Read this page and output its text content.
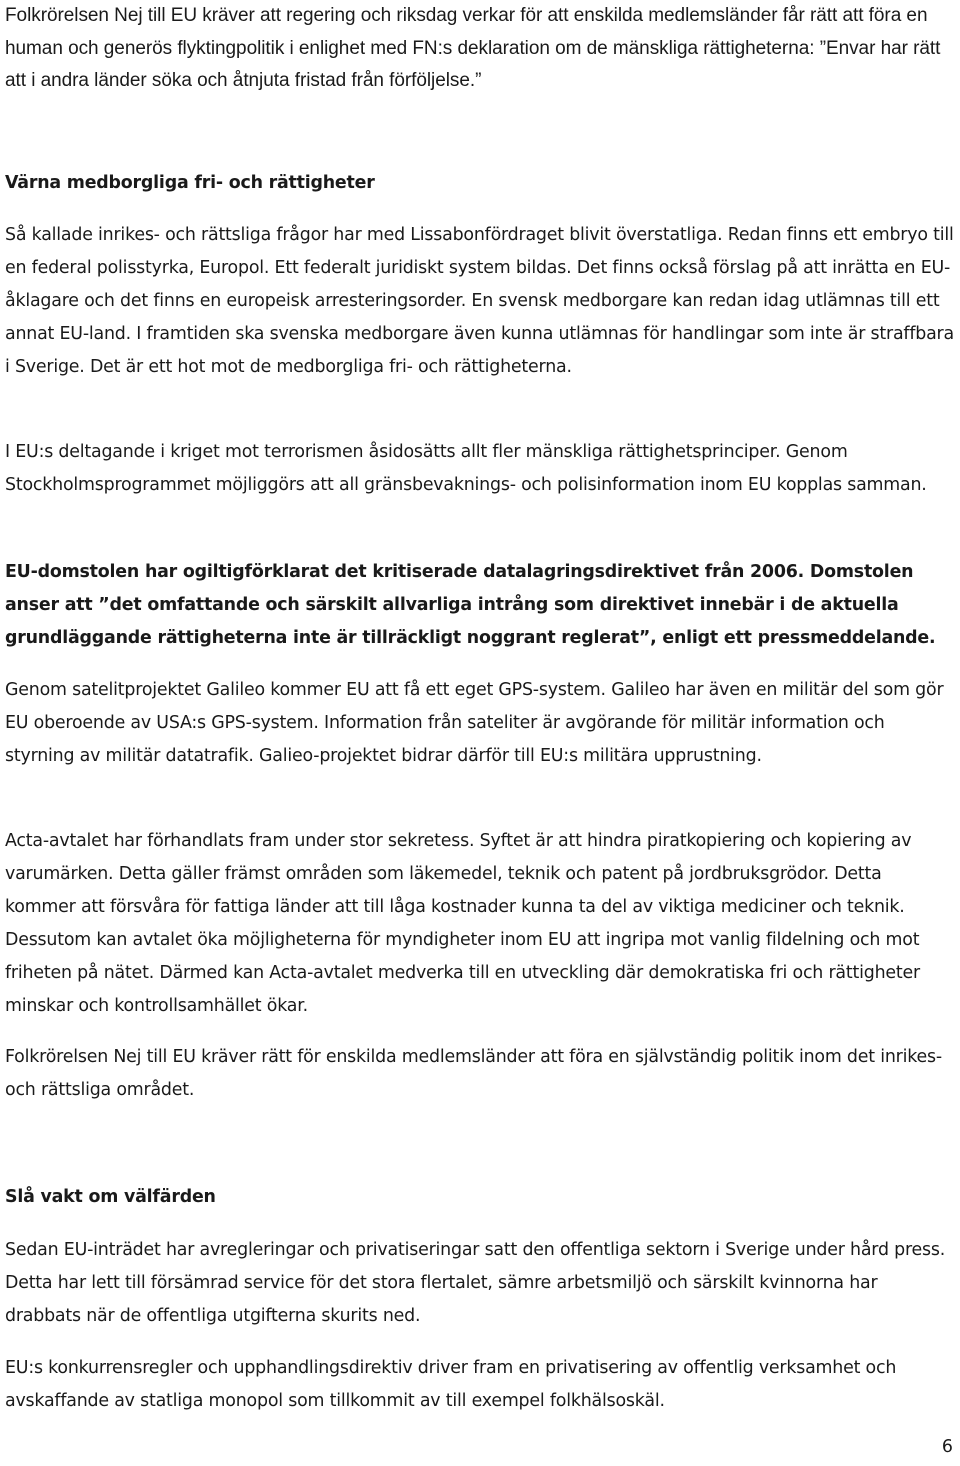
Folkrörelsen Nej till EU kräver att regering och riksdag verkar för att enskilda medlemsländer får rätt att föra en human och generös flyktingpolitik i enlighet med FN:s deklaration om de mänskliga rättigheterna: ”Envar har rätt att i andra länder söka och åtnjuta fristad från förföljelse.”

Värna medborgliga fri- och rättigheter

Så kallade inrikes- och rättsliga frågor har med Lissabonfördraget blivit överstatliga. Redan finns ett embryo till en federal polisstyrka, Europol. Ett federalt juridiskt system bildas. Det finns också förslag på att inrätta en EU-åklagare och det finns en europeisk arresteringsorder. En svensk medborgare kan redan idag utlämnas till ett annat EU-land. I framtiden ska svenska medborgare även kunna utlämnas för handlingar som inte är straffbara i Sverige. Det är ett hot mot de medborgliga fri- och rättigheterna.

I EU:s deltagande i kriget mot terrorismen åsidosätts allt fler mänskliga rättighetsprinciper. Genom Stockholmsprogrammet möjliggörs att all gränsbevaknings- och polisinformation inom EU kopplas samman.

EU-domstolen har ogiltigförklarat det kritiserade datalagringsdirektivet från 2006. Domstolen anser att ”det omfattande och särskilt allvarliga intrång som direktivet innebär i de aktuella grundläggande rättigheterna inte är tillräckligt noggrant reglerat”, enligt ett pressmeddelande.

Genom satelitprojektet Galileo kommer EU att få ett eget GPS-system. Galileo har även en militär del som gör EU oberoende av USA:s GPS-system. Information från sateliter är avgörande för militär information och styrning av militär datatrafik. Galieo-projektet bidrar därför till EU:s militära upprustning.

Acta-avtalet har förhandlats fram under stor sekretess. Syftet är att hindra piratkopiering och kopiering av varumärken. Detta gäller främst områden som läkemedel, teknik och patent på jordbruksgrödor. Detta kommer att försvåra för fattiga länder att till låga kostnader kunna ta del av viktiga mediciner och teknik. Dessutom kan avtalet öka möjligheterna för myndigheter inom EU att ingripa mot vanlig fildelning och mot friheten på nätet. Därmed kan Acta-avtalet medverka till en utveckling där demokratiska fri och rättigheter minskar och kontrollsamhället ökar.

Folkrörelsen Nej till EU kräver rätt för enskilda medlemsländer att föra en självständig politik inom det inrikes- och rättsliga området.

Slå vakt om välfärden

Sedan EU-inträdet har avregleringar och privatiseringar satt den offentliga sektorn i Sverige under hård press. Detta har lett till försämrad service för det stora flertalet, sämre arbetsmiljö och särskilt kvinnorna har drabbats när de offentliga utgifterna skurits ned.

EU:s konkurrensregler och upphandlingsdirektiv driver fram en privatisering av offentlig verksamhet och avskaffande av statliga monopol som tillkommit av till exempel folkhälsoskäl.

6
